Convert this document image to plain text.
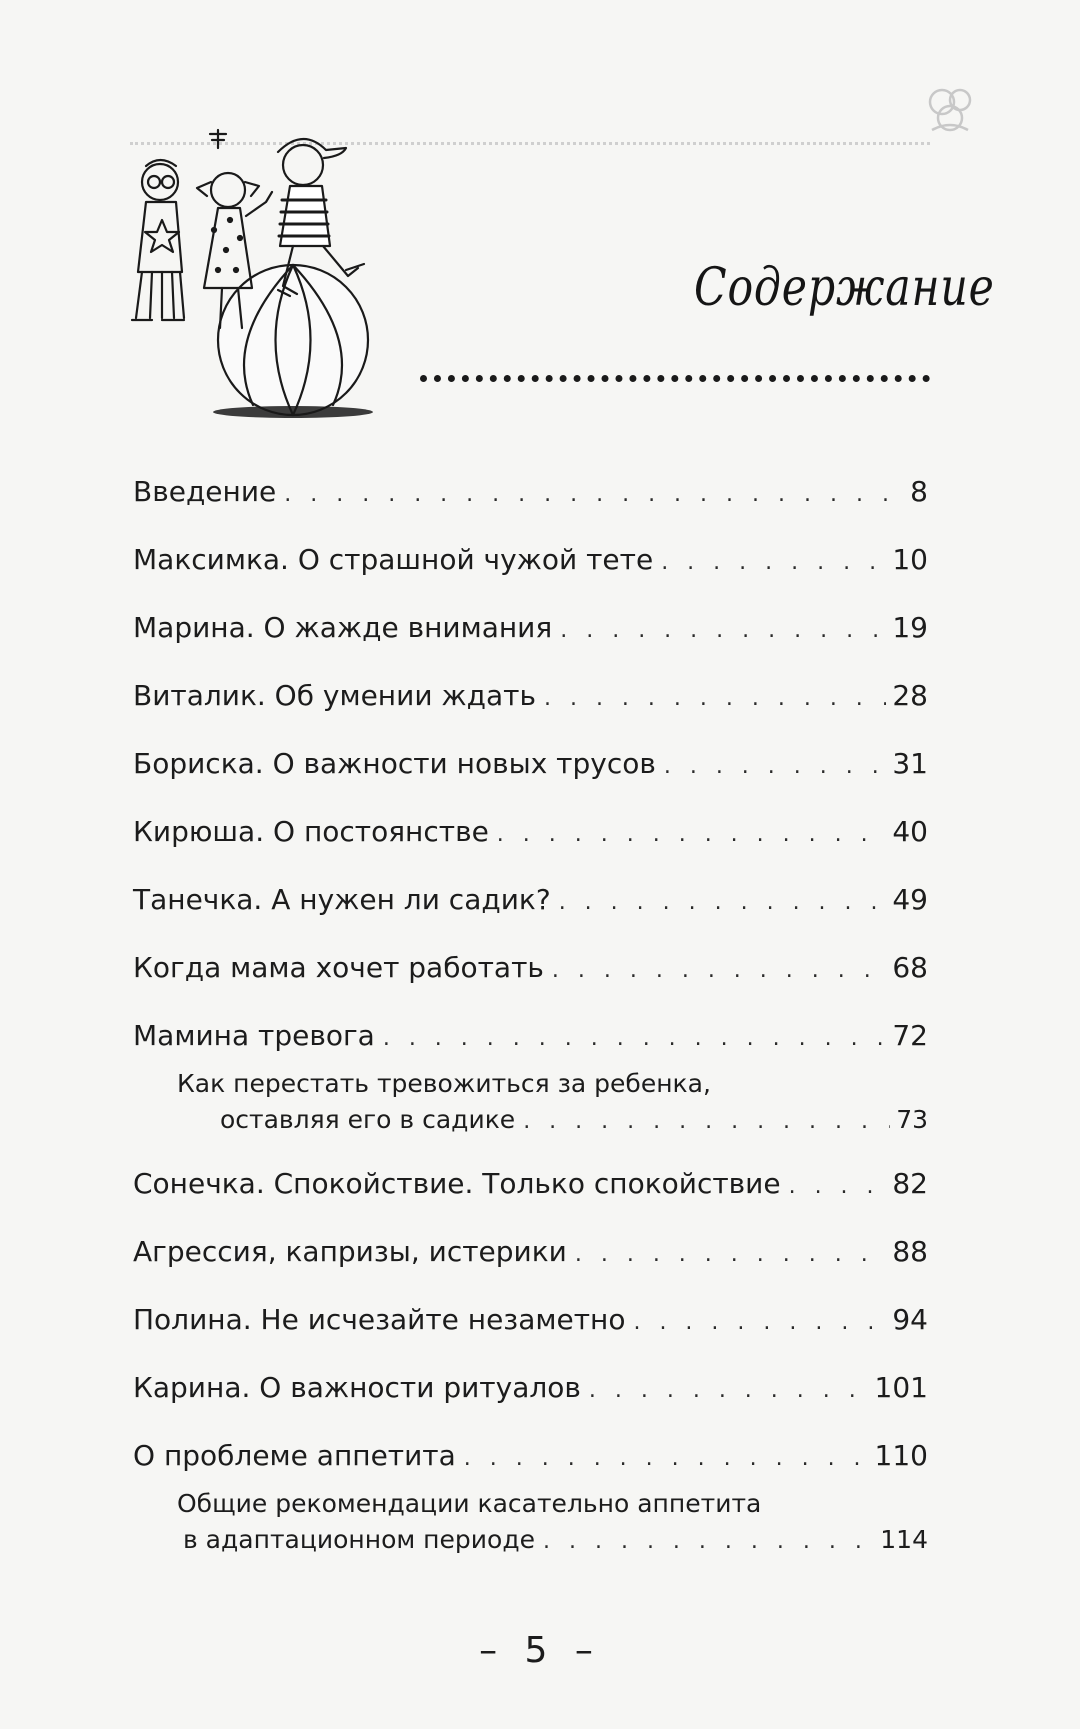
Содержание
Введение . . .	8
Максимка. О страшной чужой тете . . .	10
Марина. О жажде внимания . . .	19
Виталик. Об умении ждать . . .	28
Бориска. О важности новых трусов . . .	31
Кирюша. О постоянстве . . .	40
Танечка. А нужен ли садик? . . .	49
Когда мама хочет работать . . .	68
Мамина тревога . . .	72
Как перестать тревожиться за ребенка,
оставляя его в садике . . .	73
Сонечка. Спокойствие. Только спокойствие . . .	82
Агрессия, капризы, истерики . . .	88
Полина. Не исчезайте незаметно . . .	94
Карина. О важности ритуалов . . .	101
О проблеме аппетита . . .	110
Общие рекомендации касательно аппетита
в адаптационном периоде . . .	114
– 5 –
